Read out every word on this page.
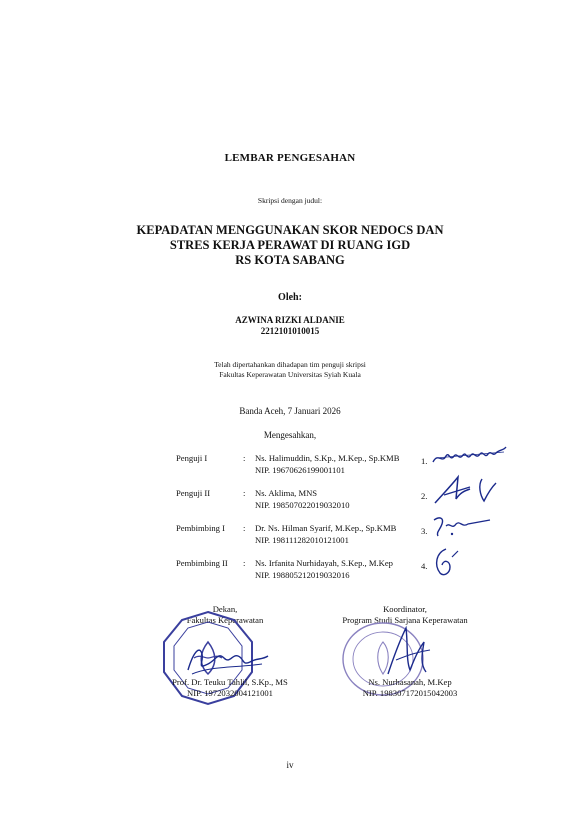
LEMBAR PENGESAHAN
Skripsi dengan judul:
KEPADATAN MENGGUNAKAN SKOR NEDOCS DAN
STRES KERJA PERAWAT DI RUANG IGD
RS KOTA SABANG
Oleh:
AZWINA RIZKI ALDANIE
2212101010015
Telah dipertahankan dihadapan tim penguji skripsi
Fakultas Keperawatan Universitas Syiah Kuala
Banda Aceh, 7 Januari 2026
Mengesahkan,
Penguji I	: Ns. Halimuddin, S.Kp., M.Kep., Sp.KMB
NIP. 19670626199001101
1.
Penguji II	: Ns. Aklima, MNS
NIP. 198507022019032010
2.
Pembimbing I : Dr. Ns. Hilman Syarif, M.Kep., Sp.KMB
NIP. 198111282010121001
3.
Pembimbing II : Ns. Irfanita Nurhidayah, S.Kep., M.Kep
NIP. 198805212019032016
4.
Dekan,
Fakultas Keperawatan
Prof. Dr. Teuku Tahlil, S.Kp., MS
NIP. 1972032004121001
Koordinator,
Program Studi Sarjana Keperawatan
Ns. Nurhasanah, M.Kep
NIP. 198307172015042003
iv
